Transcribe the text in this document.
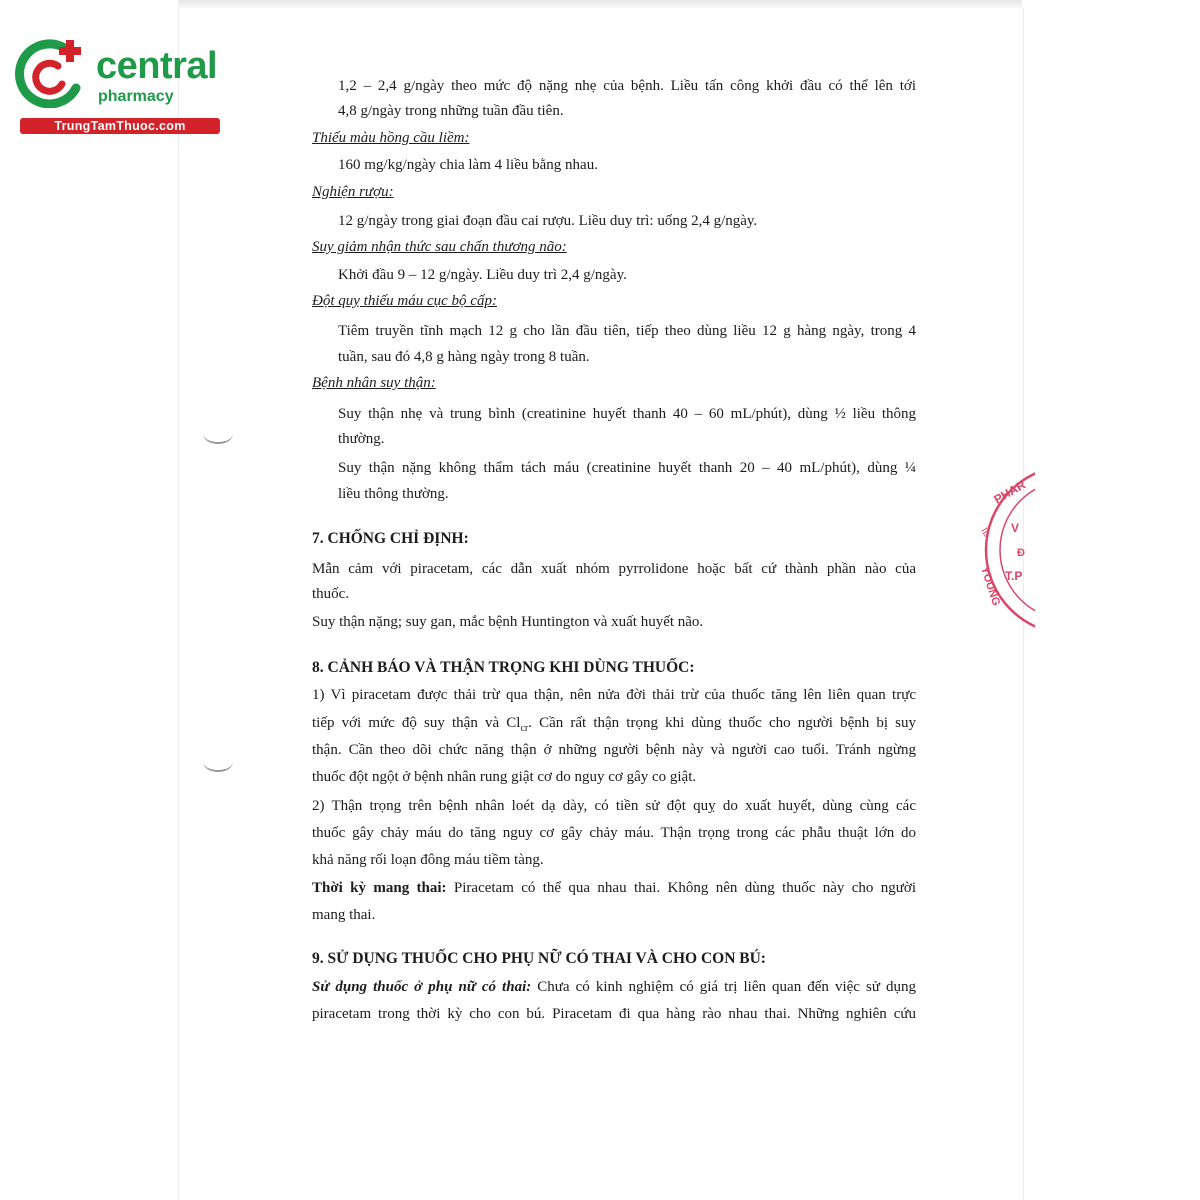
central
pharmacy
TrungTamThuoc.com
PHAR
V
T.P
Đ
YOUNG
IL
1,2 – 2,4 g/ngày theo mức độ nặng nhẹ của bệnh. Liều tấn công khởi đầu có thể lên tới
4,8 g/ngày trong những tuần đầu tiên.
Thiếu màu hồng cầu liềm:
160 mg/kg/ngày chia làm 4 liều bằng nhau.
Nghiện rượu:
12 g/ngày trong giai đoạn đầu cai rượu. Liều duy trì: uống 2,4 g/ngày.
Suy giảm nhận thức sau chấn thương não:
Khởi đầu 9 – 12 g/ngày. Liều duy trì 2,4 g/ngày.
Đột quỵ thiếu máu cục bộ cấp:
Tiêm truyền tĩnh mạch 12 g cho lần đầu tiên, tiếp theo dùng liều 12 g hàng ngày, trong 4
tuần, sau đó 4,8 g hàng ngày trong 8 tuần.
Bệnh nhân suy thận:
Suy thận nhẹ và trung bình (creatinine huyết thanh 40 – 60 mL/phút), dùng ½ liều thông
thường.
Suy thận nặng không thẩm tách máu (creatinine huyết thanh 20 – 40 mL/phút), dùng ¼
liều thông thường.
7. CHỐNG CHỈ ĐỊNH:
Mẫn cảm với piracetam, các dẫn xuất nhóm pyrrolidone hoặc bất cứ thành phần nào của
thuốc.
Suy thận nặng; suy gan, mắc bệnh Huntington và xuất huyết não.
8. CẢNH BÁO VÀ THẬN TRỌNG KHI DÙNG THUỐC:
1) Vì piracetam được thải trừ qua thận, nên nửa đời thải trừ của thuốc tăng lên liên quan trực
tiếp với mức độ suy thận và $Cl_{cr}$. Cần rất thận trọng khi dùng thuốc cho người bệnh bị suy
thận. Cần theo dõi chức năng thận ở những người bệnh này và người cao tuổi. Tránh ngừng
thuốc đột ngột ở bệnh nhân rung giật cơ do nguy cơ gây co giật.
2) Thận trọng trên bệnh nhân loét dạ dày, có tiền sử đột quỵ do xuất huyết, dùng cùng các
thuốc gây chảy máu do tăng nguy cơ gây chảy máu. Thận trọng trong các phẫu thuật lớn do
khả năng rối loạn đông máu tiềm tàng.
Thời kỳ mang thai: Piracetam có thể qua nhau thai. Không nên dùng thuốc này cho người
mang thai.
9. SỬ DỤNG THUỐC CHO PHỤ NỮ CÓ THAI VÀ CHO CON BÚ:
Sử dụng thuốc ở phụ nữ có thai: Chưa có kinh nghiệm có giá trị liên quan đến việc sử dụng
piracetam trong thời kỳ cho con bú. Piracetam đi qua hàng rào nhau thai. Những nghiên cứu
